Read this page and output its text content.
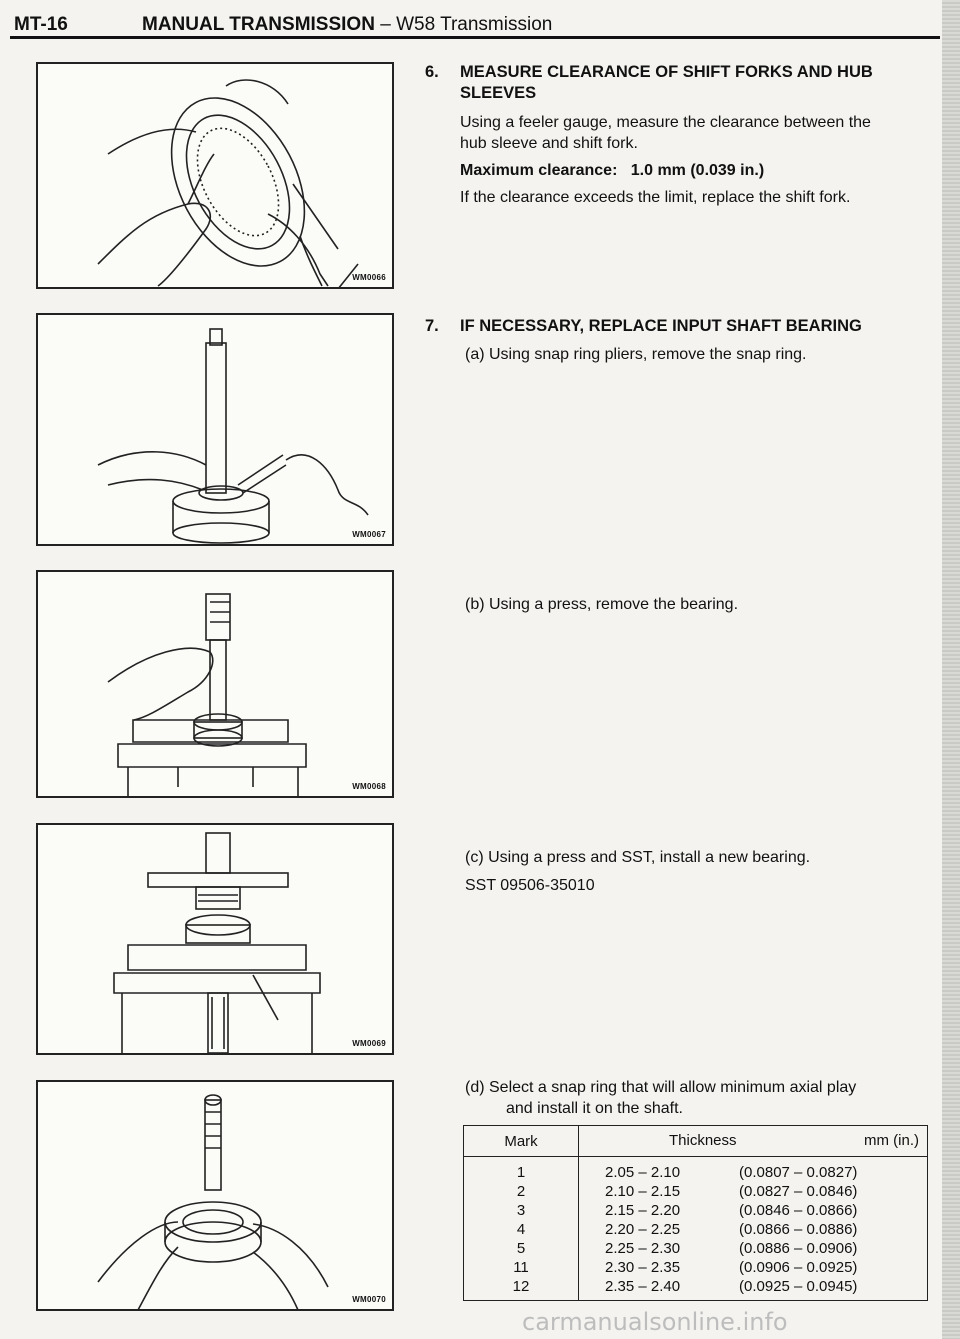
MT-16	MANUAL TRANSMISSION – W58 Transmission
WM0066
WM0067
WM0068
WM0069
WM0070
6. MEASURE CLEARANCE OF SHIFT FORKS AND HUB
SLEEVES
Using a feeler gauge, measure the clearance between the
hub sleeve and shift fork.
Maximum clearance: 1.0 mm (0.039 in.)
If the clearance exceeds the limit, replace the shift fork.
7. IF NECESSARY, REPLACE INPUT SHAFT BEARING
(a) Using snap ring pliers, remove the snap ring.
(b) Using a press, remove the bearing.
(c) Using a press and SST, install a new bearing.
SST 09506-35010
(d) Select a snap ring that will allow minimum axial play
and install it on the shaft.
Mark	Thickness mm (in.)

1	2.05 – 2.10 (0.0807 – 0.0827)
2	2.10 – 2.15 (0.0827 – 0.0846)
3	2.15 – 2.20 (0.0846 – 0.0866)
4	2.20 – 2.25 (0.0866 – 0.0886)
5	2.25 – 2.30 (0.0886 – 0.0906)
11	2.30 – 2.35 (0.0906 – 0.0925)
12	2.35 – 2.40 (0.0925 – 0.0945)
carmanualsonline.info
